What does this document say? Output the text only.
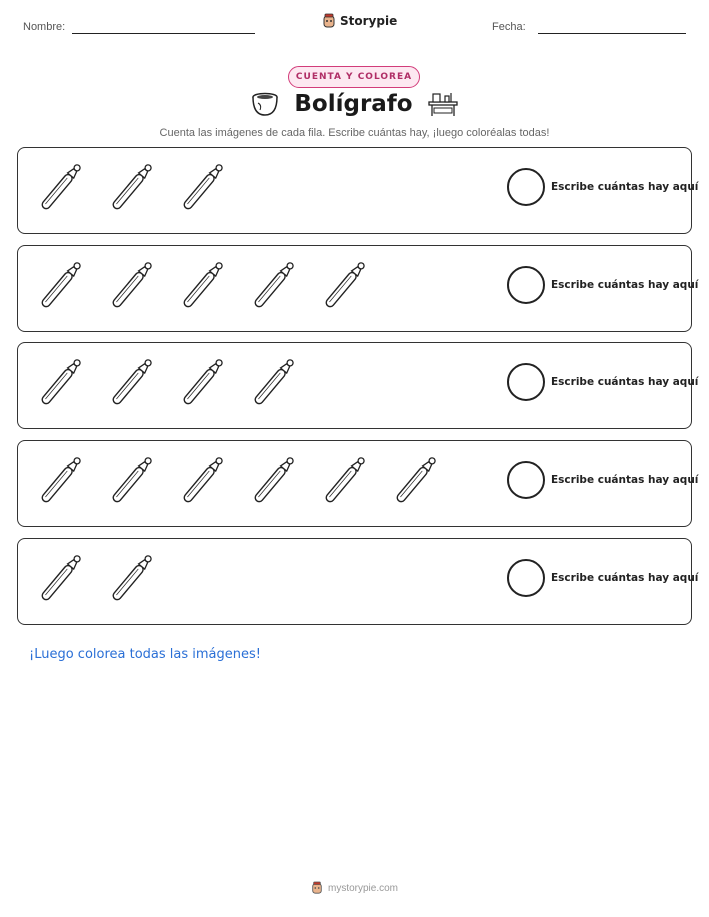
Nombre:	Storypie	Fecha:
CUENTA Y COLOREA
Bolígrafo
Cuenta las imágenes de cada fila. Escribe cuántas hay, ¡luego coloréalas todas!
Escribe cuántas hay aquí
Escribe cuántas hay aquí
Escribe cuántas hay aquí
Escribe cuántas hay aquí
Escribe cuántas hay aquí
¡Luego colorea todas las imágenes!
mystorypie.com
